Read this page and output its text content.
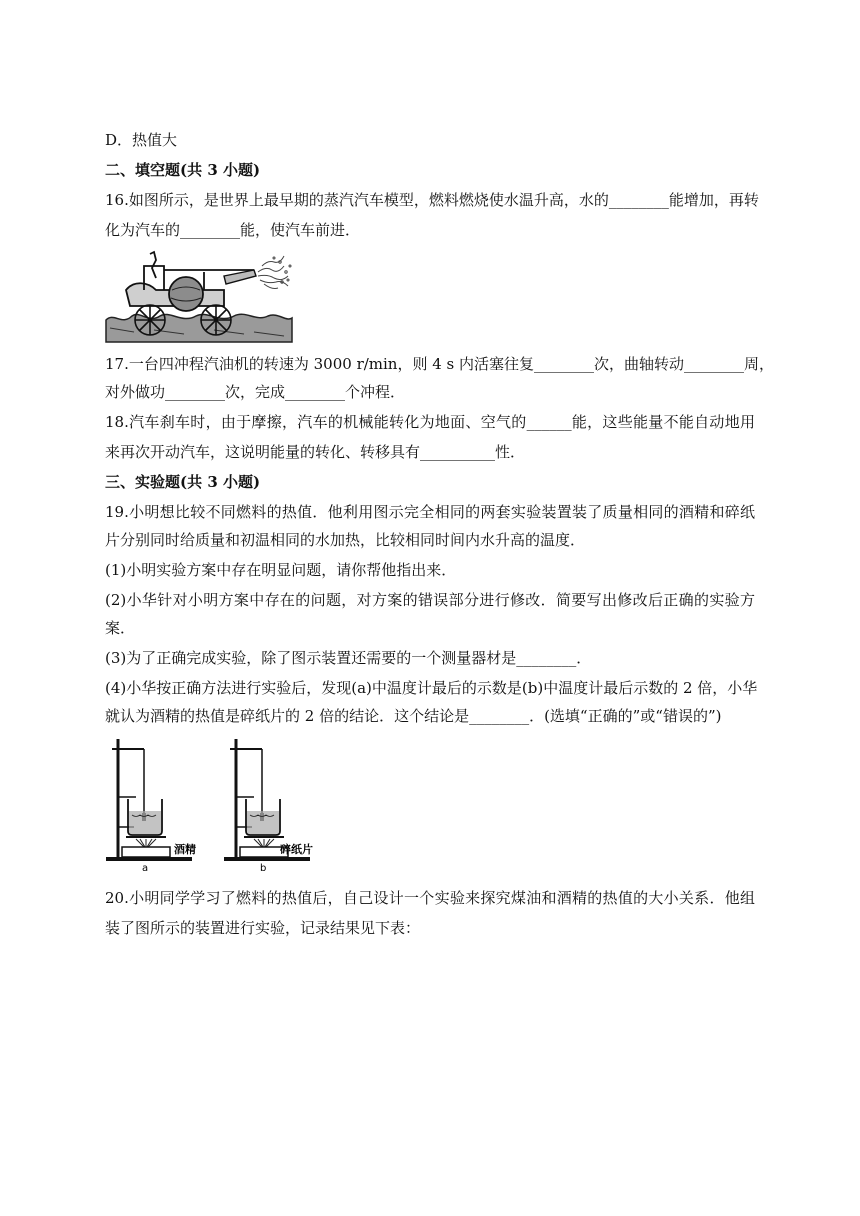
D．热值大
二、填空题(共 3 小题)
16.如图所示，是世界上最早期的蒸汽汽车模型，燃料燃烧使水温升高，水的________能增加，再转
化为汽车的________能，使汽车前进．
17.一台四冲程汽油机的转速为 3000 r/min，则 4 s 内活塞往复________次，曲轴转动________周，
对外做功________次，完成________个冲程．
18.汽车刹车时，由于摩擦，汽车的机械能转化为地面、空气的______能，这些能量不能自动地用
来再次开动汽车，这说明能量的转化、转移具有__________性．
三、实验题(共 3 小题)
19.小明想比较不同燃料的热值．他利用图示完全相同的两套实验装置装了质量相同的酒精和碎纸
片分别同时给质量和初温相同的水加热，比较相同时间内水升高的温度．
(1)小明实验方案中存在明显问题，请你帮他指出来．
(2)小华针对小明方案中存在的问题，对方案的错误部分进行修改．简要写出修改后正确的实验方
案．
(3)为了正确完成实验，除了图示装置还需要的一个测量器材是________．
(4)小华按正确方法进行实验后，发现(a)中温度计最后的示数是(b)中温度计最后示数的 2 倍，小华
就认为酒精的热值是碎纸片的 2 倍的结论．这个结论是________．(选填“正确的”或“错误的”)
酒精
a
碎纸片
b
20.小明同学学习了燃料的热值后，自己设计一个实验来探究煤油和酒精的热值的大小关系．他组
装了图所示的装置进行实验，记录结果见下表：
